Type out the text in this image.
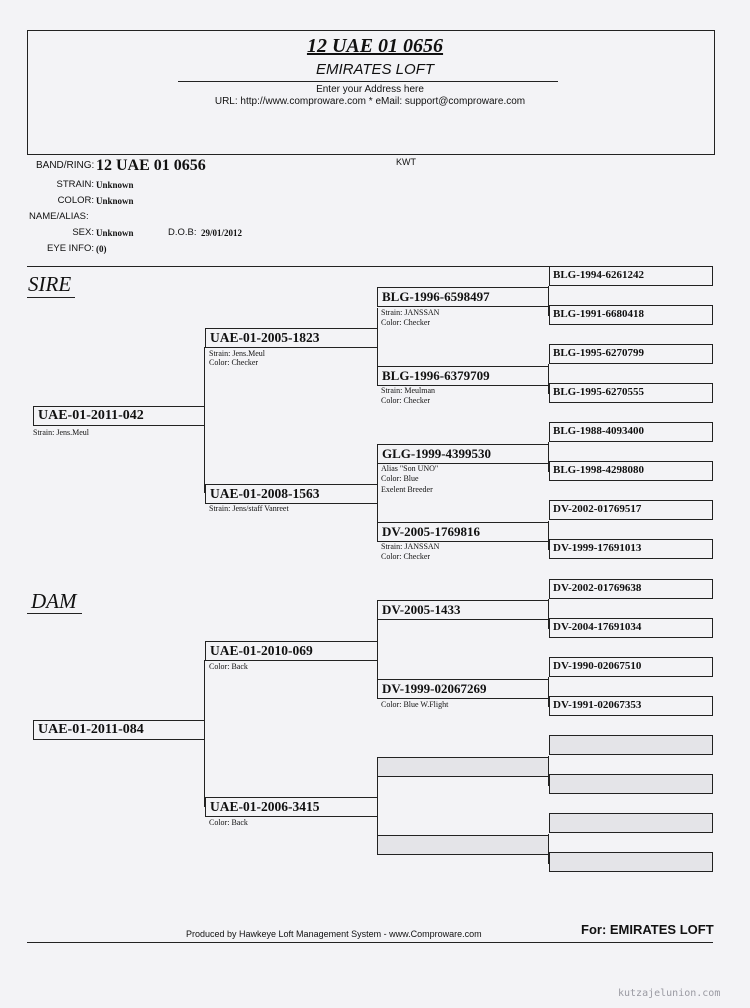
12 UAE 01 0656
EMIRATES LOFT
Enter your Address here
URL: http://www.comproware.com * eMail: support@comproware.com
BAND/RING: 12 UAE 01 0656	KWT
STRAIN: Unknown
COLOR: Unknown
NAME/ALIAS:
SEX: Unknown	D.O.B: 29/01/2012
EYE INFO: (0)
SIRE
DAM
UAE-01-2011-042
Strain: Jens.Meul
UAE-01-2005-1823
Strain: Jens.Meul
Color: Checker
UAE-01-2008-1563
Strain: Jens/staff Vanreet
BLG-1996-6598497
Strain: JANSSAN
Color: Checker
BLG-1996-6379709
Strain: Meulman
Color: Checker
GLG-1999-4399530
Alias "Son UNO"
Color: Blue
Exelent Breeder
DV-2005-1769816
Strain: JANSSAN
Color: Checker
BLG-1994-6261242
BLG-1991-6680418
BLG-1995-6270799
BLG-1995-6270555
BLG-1988-4093400
BLG-1998-4298080
DV-2002-01769517
DV-1999-17691013
UAE-01-2011-084
UAE-01-2010-069
Color: Back
UAE-01-2006-3415
Color: Back
DV-2005-1433
DV-1999-02067269
Color: Blue W.Flight
DV-2002-01769638
DV-2004-17691034
DV-1990-02067510
DV-1991-02067353
Produced by Hawkeye Loft Management System - www.Comproware.com	For: EMIRATES LOFT
kutzajelunion.com
